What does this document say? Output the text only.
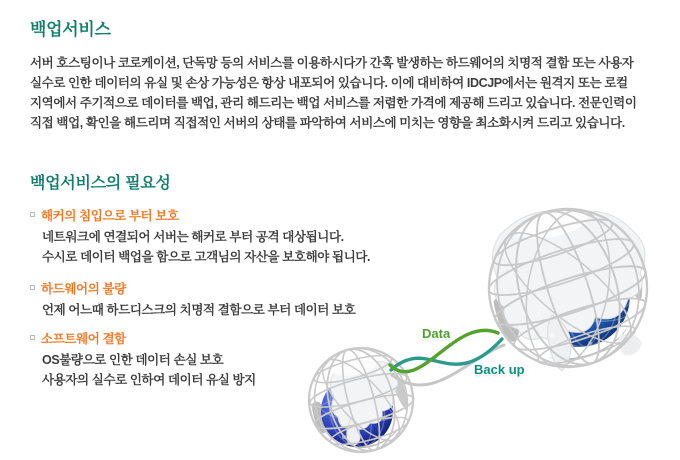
백업서비스
서버 호스팅이나 코로케이션, 단독망 등의 서비스를 이용하시다가 간혹 발생하는 하드웨어의 치명적 결함 또는 사용자
실수로 인한 데이터의 유실 및 손상 가능성은 항상 내포되어 있습니다. 이에 대비하여 IDCJP에서는 원격지 또는 로컬
지역에서 주기적으로 데이터를 백업, 관리 해드리는 백업 서비스를 저렴한 가격에 제공해 드리고 있습니다. 전문인력이
직접 백업, 확인을 해드리며 직접적인 서버의 상태를 파악하여 서비스에 미치는 영향을 최소화시켜 드리고 있습니다.
백업서비스의 필요성
해커의 침입으로 부터 보호
네트워크에 연결되어 서버는 해커로 부터 공격 대상됩니다.
수시로 데이터 백업을 함으로 고객님의 자산을 보호해야 됩니다.
하드웨어의 불량
언제 어느때 하드디스크의 치명적 결함으로 부터 데이터 보호
소프트웨어 결함
OS불량으로 인한 데이터 손실 보호
사용자의 실수로 인하여 데이터 유실 방지
Data
Back up
